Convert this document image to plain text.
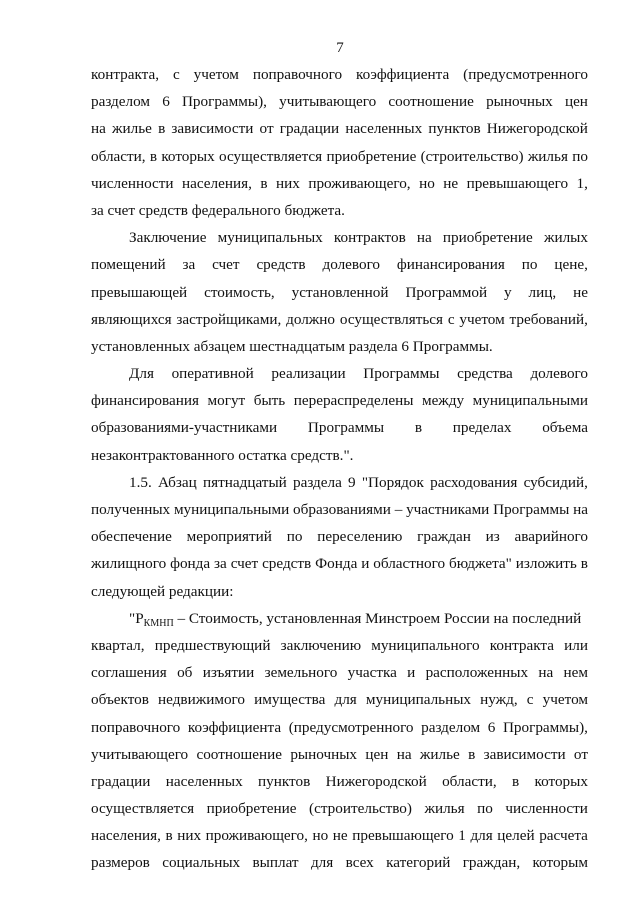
7
контракта, с учетом поправочного коэффициента (предусмотренного
разделом 6 Программы), учитывающего соотношение рыночных цен
на жилье в зависимости от градации населенных пунктов Нижегородской
области, в которых осуществляется приобретение (строительство) жилья по
численности населения, в них проживающего, но не превышающего 1,
за счет средств федерального бюджета.
Заключение муниципальных контрактов на приобретение жилых
помещений за счет средств долевого финансирования по цене,
превышающей стоимость, установленной Программой у лиц, не
являющихся застройщиками, должно осуществляться с учетом требований,
установленных абзацем шестнадцатым раздела 6 Программы.
Для оперативной реализации Программы средства долевого
финансирования могут быть перераспределены между муниципальными
образованиями-участниками Программы в пределах объема
незаконтрактованного остатка средств.".
1.5. Абзац пятнадцатый раздела 9 "Порядок расходования субсидий,
полученных муниципальными образованиями – участниками Программы на
обеспечение мероприятий по переселению граждан из аварийного
жилищного фонда за счет средств Фонда и областного бюджета" изложить в
следующей редакции:
"$Р_{КМНП}$ – Стоимость, установленная Минстроем России на последний
квартал, предшествующий заключению муниципального контракта или
соглашения об изъятии земельного участка и расположенных на нем
объектов недвижимого имущества для муниципальных нужд, с учетом
поправочного коэффициента (предусмотренного разделом 6 Программы),
учитывающего соотношение рыночных цен на жилье в зависимости от
градации населенных пунктов Нижегородской области, в которых
осуществляется приобретение (строительство) жилья по численности
населения, в них проживающего, но не превышающего 1 для целей расчета
размеров социальных выплат для всех категорий граждан, которым
